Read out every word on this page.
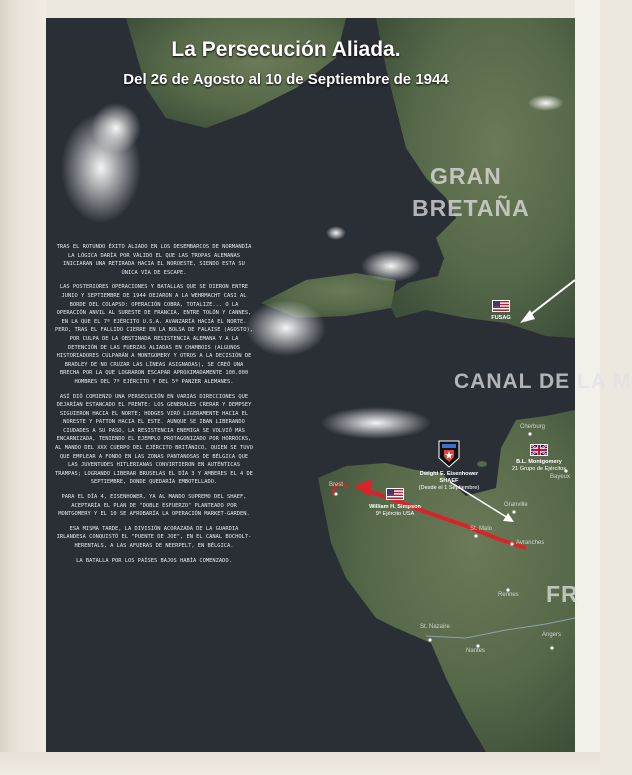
La Persecución Aliada.
Del 26 de Agosto al 10 de Septiembre de 1944
GRAN
BRETAÑA
CANAL DE LA M
FR

TRAS EL ROTUNDO ÉXITO ALIADO EN LOS DESEMBARCOS DE NORMANDÍA LA LÓGICA DARÍA POR VÁLIDO EL QUE LAS TROPAS ALEMANAS INICIARAN UNA RETIRADA HACIA EL NOROESTE, SIENDO ESTA SU ÚNICA VÍA DE ESCAPE.

LAS POSTERIORES OPERACIONES Y BATALLAS QUE SE DIERON ENTRE JUNIO Y SEPTIEMBRE DE 1944 DEJARON A LA WEHRMACHT CASI AL BORDE DEL COLAPSO: OPERACIÓN COBRA, TOTALIZE... O LA OPERACIÓN ANVIL AL SURESTE DE FRANCIA, ENTRE TOLÓN Y CANNES, EN LA QUE EL 7º EJÉRCITO U.S.A. AVANZARÍA HACIA EL NORTE. PERO, TRAS EL FALLIDO CIERRE EN LA BOLSA DE FALAISE (AGOSTO), POR CULPA DE LA OBSTINADA RESISTENCIA ALEMANA Y A LA DETENCIÓN DE LAS FUERZAS ALIADAS EN CHAMBOIS (ALGUNOS HISTORIADORES CULPARÁN A MONTGOMERY Y OTROS A LA DECISIÓN DE BRADLEY DE NO CRUZAR LAS LÍNEAS ASIGNADAS), SE CREÓ UNA BRECHA POR LA QUE LOGRARON ESCAPAR APROXIMADAMENTE 100.000 HOMBRES DEL 7º EJÉRCITO Y DEL 5º PANZER ALEMANES.

ASÍ DIÓ COMIENZO UNA PERSECUCIÓN EN VARIAS DIRECCIONES QUE DEJARÍAN ESTANCADO EL FRENTE: LOS GENERALES CRERAR Y DEMPSEY SIGUIERON HACIA EL NORTE; HODGES VIRÓ LIGERAMENTE HACIA EL NORESTE Y PATTON HACIA EL ESTE. AUNQUE SE IBAN LIBERANDO CIUDADES A SU PASO, LA RESISTENCIA ENEMIGA SE VOLVIÓ MÁS ENCARNIZADA, TENIENDO EL EJEMPLO PROTAGONIZADO POR HORROCKS, AL MANDO DEL XXX CUERPO DEL EJÉRCITO BRITÁNICO, QUIEN SE TUVO QUE EMPLEAR A FONDO EN LAS ZONAS PANTANOSAS DE BÉLGICA QUE LAS JUVENTUDES HITLERIANAS CONVIRTIERON EN AUTÉNTICAS TRAMPAS; LOGRANDO LIBERAR BRUSELAS EL DÍA 3 Y AMBERES EL 4 DE SEPTIEMBRE, DONDE QUEDARÍA EMBOTELLADO.

PARA EL DÍA 4, EISENHOWER, YA AL MANDO SUPREMO DEL SHAEF, ACEPTARÍA EL PLAN DE "DOBLE ESFUERZO" PLANTEADO POR MONTGOMERY Y EL 10 SE AFROBARÍA LA OPERACIÓN MARKET-GARDEN.

ESA MISMA TARDE, LA DIVISIÓN ACORAZADA DE LA GUARDIA IRLANDESA CONQUISTÓ EL "PUENTE DE JOE", EN EL CANAL BOCHOLT-HERENTALS, A LAS AFUERAS DE NEERPELT, EN BÉLGICA.

LA BATALLA POR LOS PAÍSES BAJOS HABÍA COMENZADO.

FUSAG
Dwight E. Eisenhower
SHAEF
(Desde el 1 Septiembre)
B.L. Montgomery
21 Grupo de Ejércitos
William H. Simpson
9º Ejército USA
Cherburg
Bayeux
Brest
Granville
St. Malo
Avranches
Rennes
Angers
St. Nazaire
Nantes
